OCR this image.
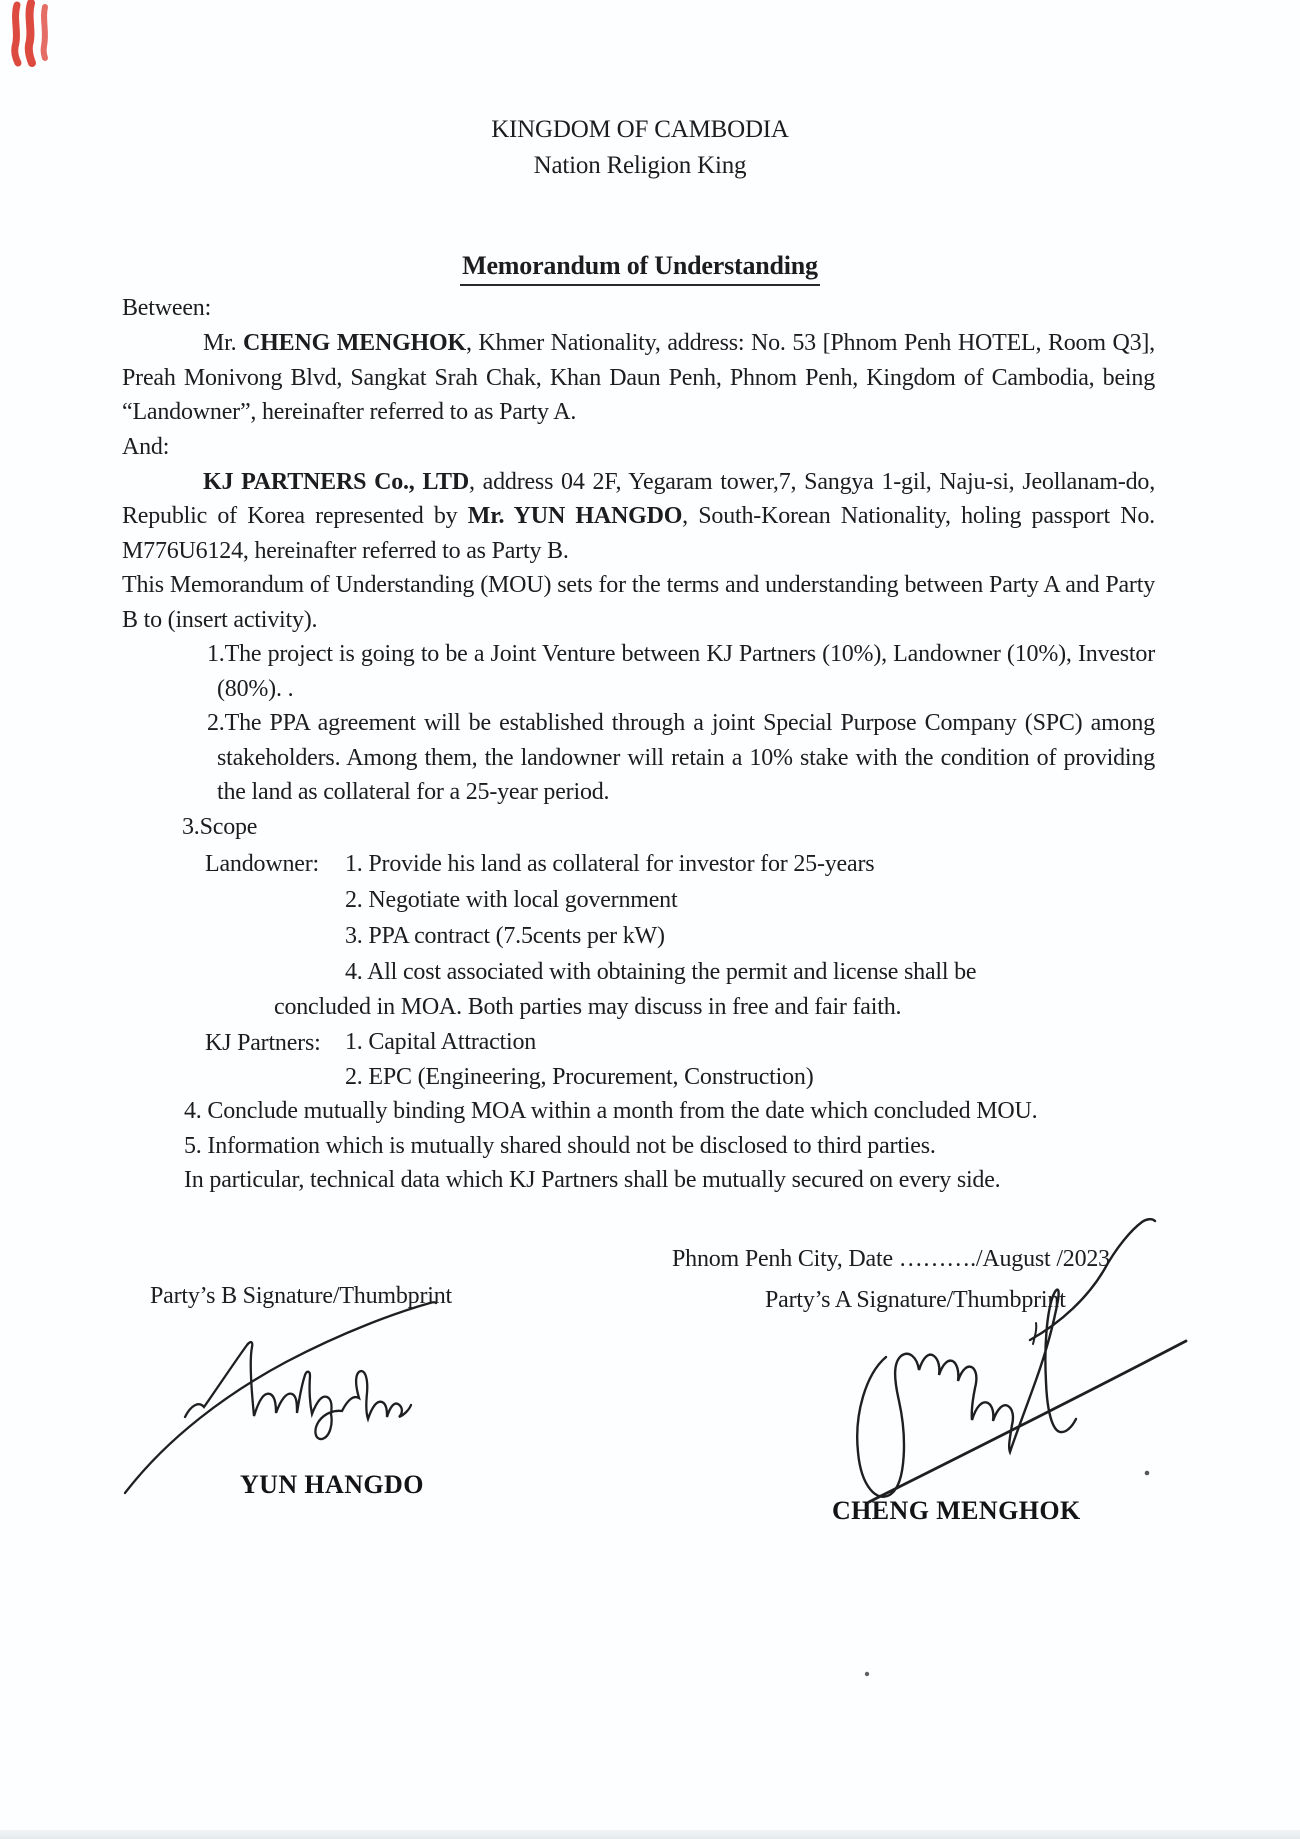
KINGDOM OF CAMBODIA
Nation Religion King
Memorandum of Understanding

Between:

Mr. CHENG MENGHOK, Khmer Nationality, address: No. 53 [Phnom Penh HOTEL, Room Q3], Preah Monivong Blvd, Sangkat Srah Chak, Khan Daun Penh, Phnom Penh, Kingdom of Cambodia, being “Landowner”, hereinafter referred to as Party A.

And:

KJ PARTNERS Co., LTD, address 04 2F, Yegaram tower,7, Sangya 1-gil, Naju-si, Jeollanam-do, Republic of Korea represented by Mr. YUN HANGDO, South-Korean Nationality, holing passport No. M776U6124, hereinafter referred to as Party B.

This Memorandum of Understanding (MOU) sets for the terms and understanding between Party A and Party B to (insert activity).

1.The project is going to be a Joint Venture between KJ Partners (10%), Landowner (10%), Investor (80%). .

2.The PPA agreement will be established through a joint Special Purpose Company (SPC) among stakeholders. Among them, the landowner will retain a 10% stake with the condition of providing the land as collateral for a 25-year period.

3.Scope

Landowner:	1. Provide his land as collateral for investor for 25-years
2. Negotiate with local government
3. PPA contract (7.5cents per kW)
4. All cost associated with obtaining the permit and license shall be
concluded in MOA. Both parties may discuss in free and fair faith.
KJ Partners:	1. Capital Attraction
2. EPC (Engineering, Procurement, Construction)
4. Conclude mutually binding MOA within a month from the date which concluded MOU.
5. Information which is mutually shared should not be disclosed to third parties.
In particular, technical data which KJ Partners shall be mutually secured on every side.
Phnom Penh City, Date ………./August /2023
Party’s B Signature/Thumbprint	Party’s A Signature/Thumbprint
YUN HANGDO
CHENG MENGHOK
